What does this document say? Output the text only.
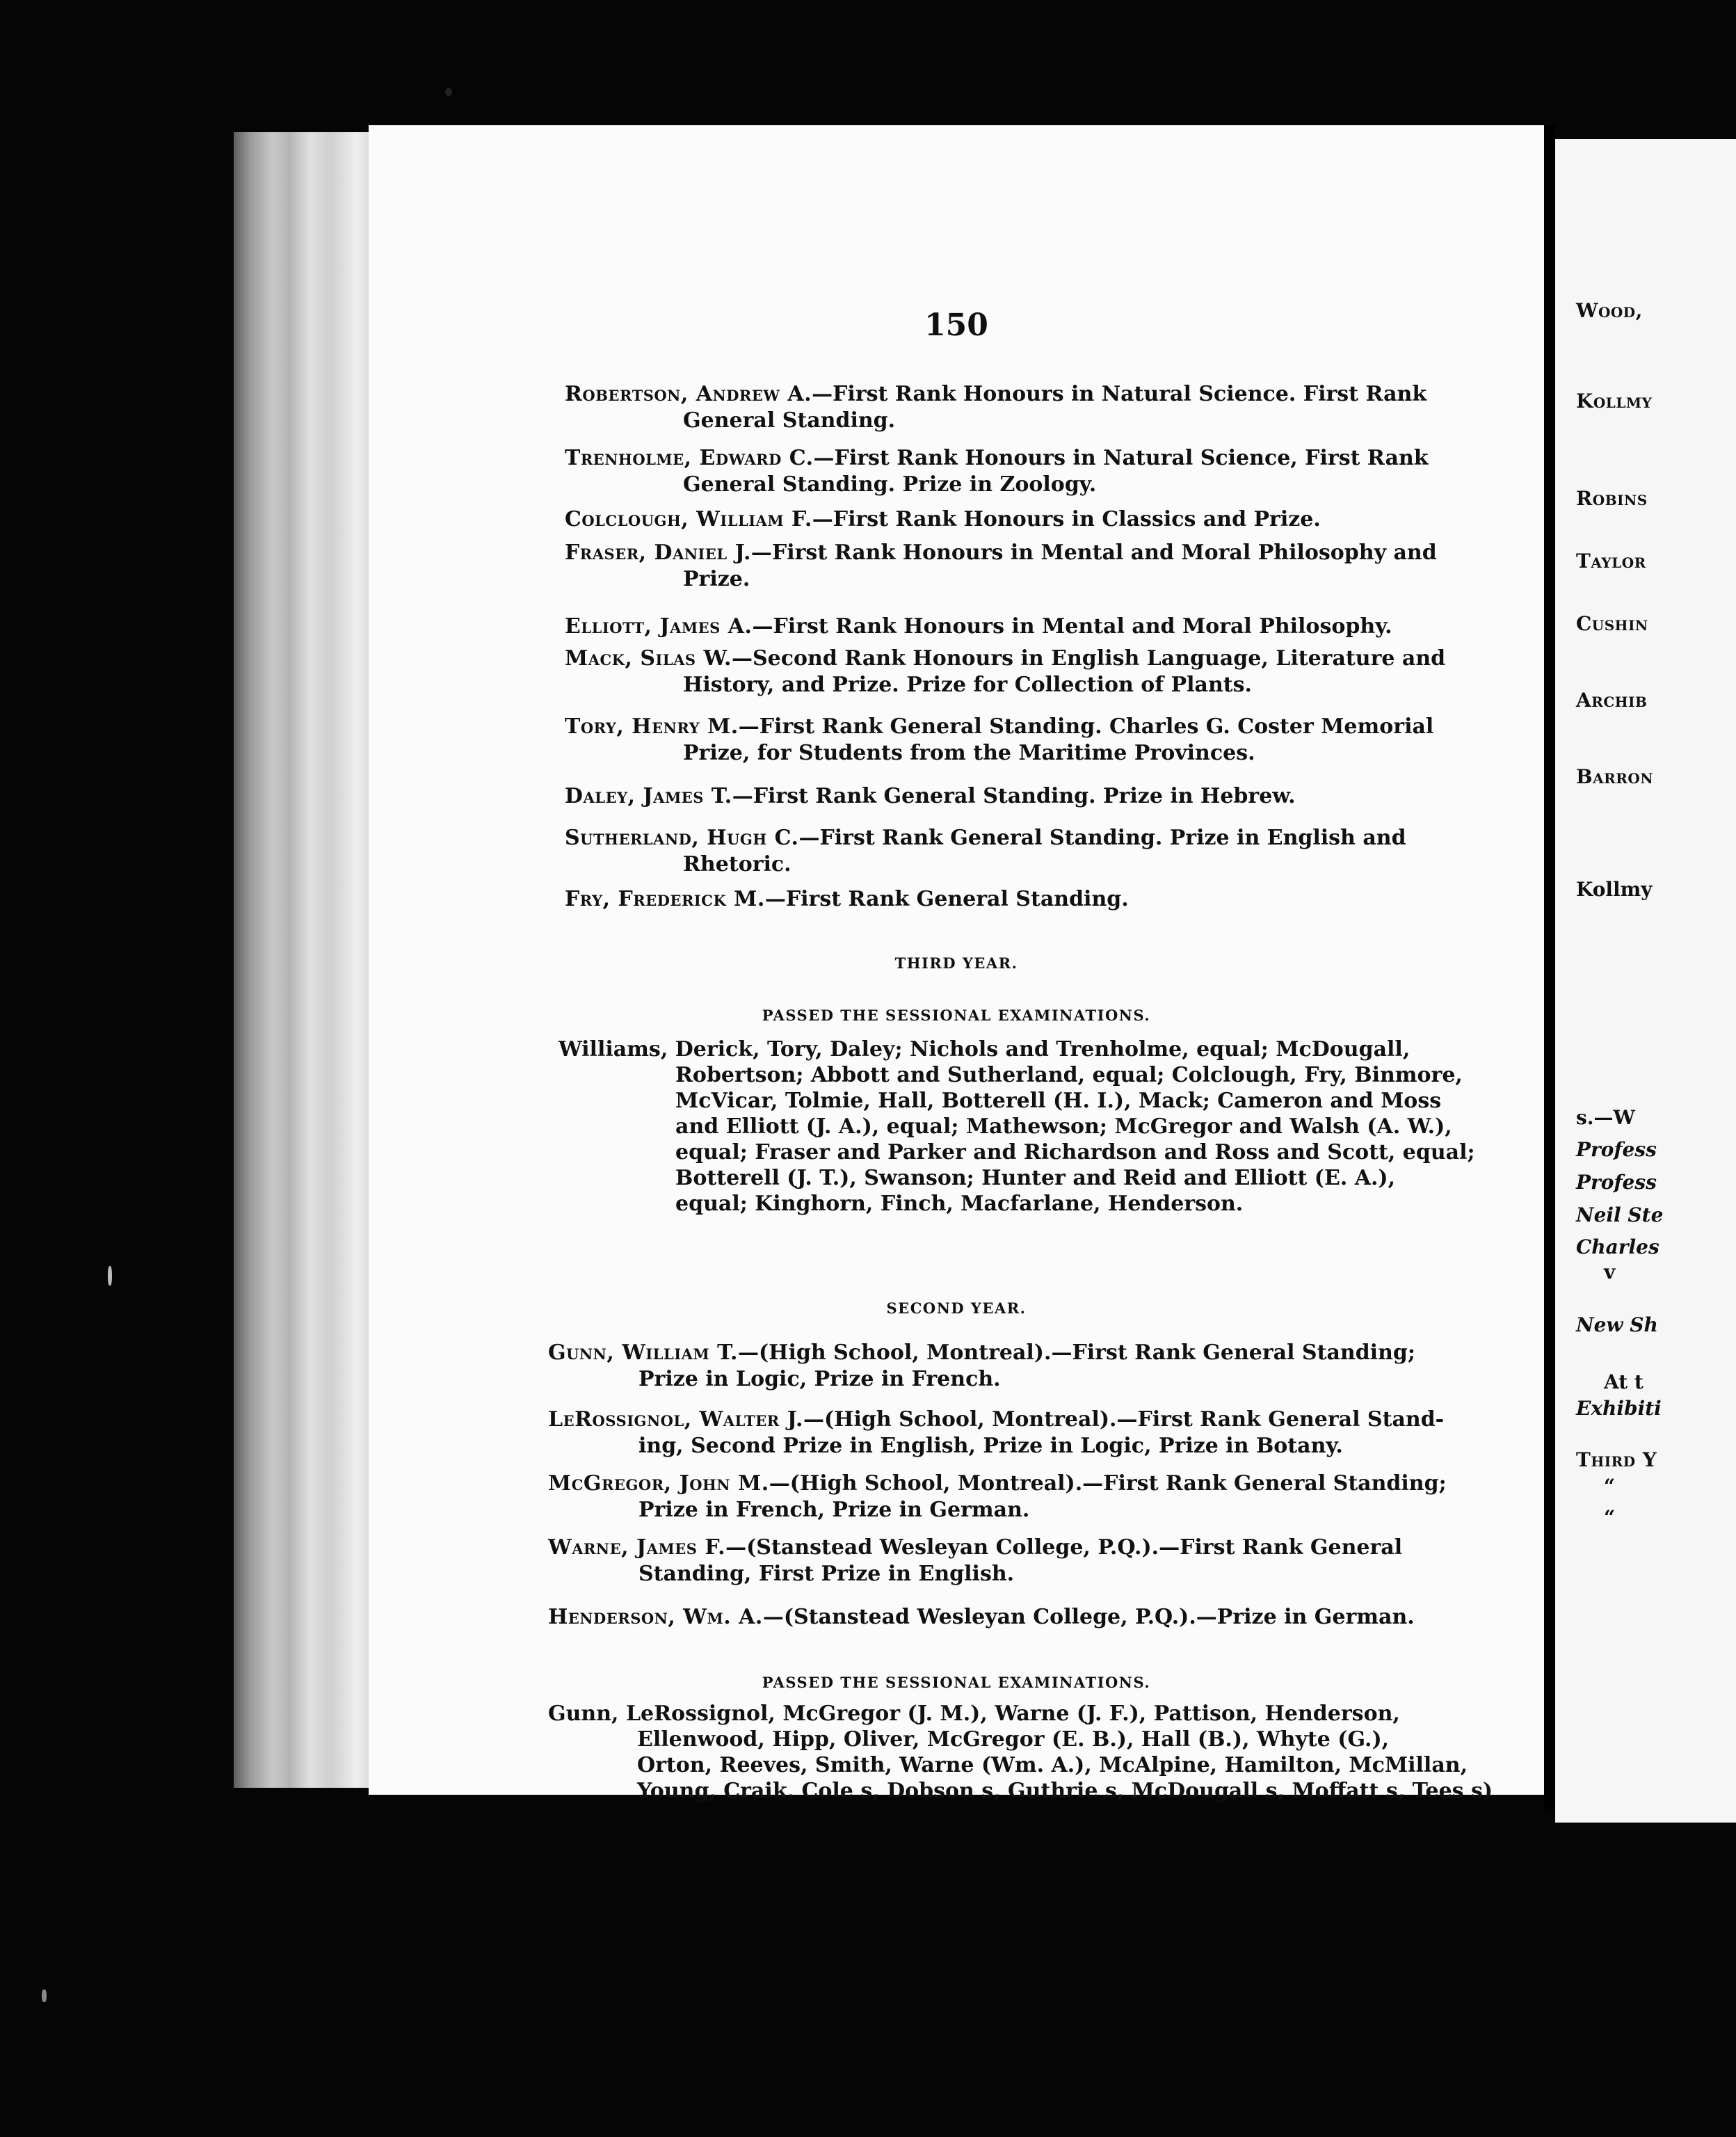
150
Robertson, Andrew A.—First Rank Honours in Natural Science. First Rank
General Standing.
Trenholme, Edward C.—First Rank Honours in Natural Science, First Rank
General Standing. Prize in Zoology.
Colclough, William F.—First Rank Honours in Classics and Prize.
Fraser, Daniel J.—First Rank Honours in Mental and Moral Philosophy and
Prize.
Elliott, James A.—First Rank Honours in Mental and Moral Philosophy.
Mack, Silas W.—Second Rank Honours in English Language, Literature and
History, and Prize. Prize for Collection of Plants.
Tory, Henry M.—First Rank General Standing. Charles G. Coster Memorial
Prize, for Students from the Maritime Provinces.
Daley, James T.—First Rank General Standing. Prize in Hebrew.
Sutherland, Hugh C.—First Rank General Standing. Prize in English and
Rhetoric.
Fry, Frederick M.—First Rank General Standing.
THIRD YEAR.
PASSED THE SESSIONAL EXAMINATIONS.
Williams, Derick, Tory, Daley; Nichols and Trenholme, equal; McDougall,
Robertson; Abbott and Sutherland, equal; Colclough, Fry, Binmore,
McVicar, Tolmie, Hall, Botterell (H. I.), Mack; Cameron and Moss
and Elliott (J. A.), equal; Mathewson; McGregor and Walsh (A. W.),
equal; Fraser and Parker and Richardson and Ross and Scott, equal;
Botterell (J. T.), Swanson; Hunter and Reid and Elliott (E. A.),
equal; Kinghorn, Finch, Macfarlane, Henderson.
SECOND YEAR.
Gunn, William T.—(High School, Montreal).—First Rank General Standing;
Prize in Logic, Prize in French.
LeRossignol, Walter J.—(High School, Montreal).—First Rank General Stand-
ing, Second Prize in English, Prize in Logic, Prize in Botany.
McGregor, John M.—(High School, Montreal).—First Rank General Standing;
Prize in French, Prize in German.
Warne, James F.—(Stanstead Wesleyan College, P.Q.).—First Rank General
Standing, First Prize in English.
Henderson, Wm. A.—(Stanstead Wesleyan College, P.Q.).—Prize in German.
PASSED THE SESSIONAL EXAMINATIONS.
Gunn, LeRossignol, McGregor (J. M.), Warne (J. F.), Pattison, Henderson,
Ellenwood, Hipp, Oliver, McGregor (E. B.), Hall (B.), Whyte (G.),
Orton, Reeves, Smith, Warne (Wm. A.), McAlpine, Hamilton, McMillan,
Young, Craik, Cole s, Dobson s, Guthrie s, McDougall s, Moffatt s, Tees s)
Wood,
Kollmy
Robins
Taylor
Cushin
Archib
Barron
Kollmy
s.—W
Profess
Profess
Neil Ste
Charles
v
New Sh
At t
Exhibiti
Third Y
“
“
